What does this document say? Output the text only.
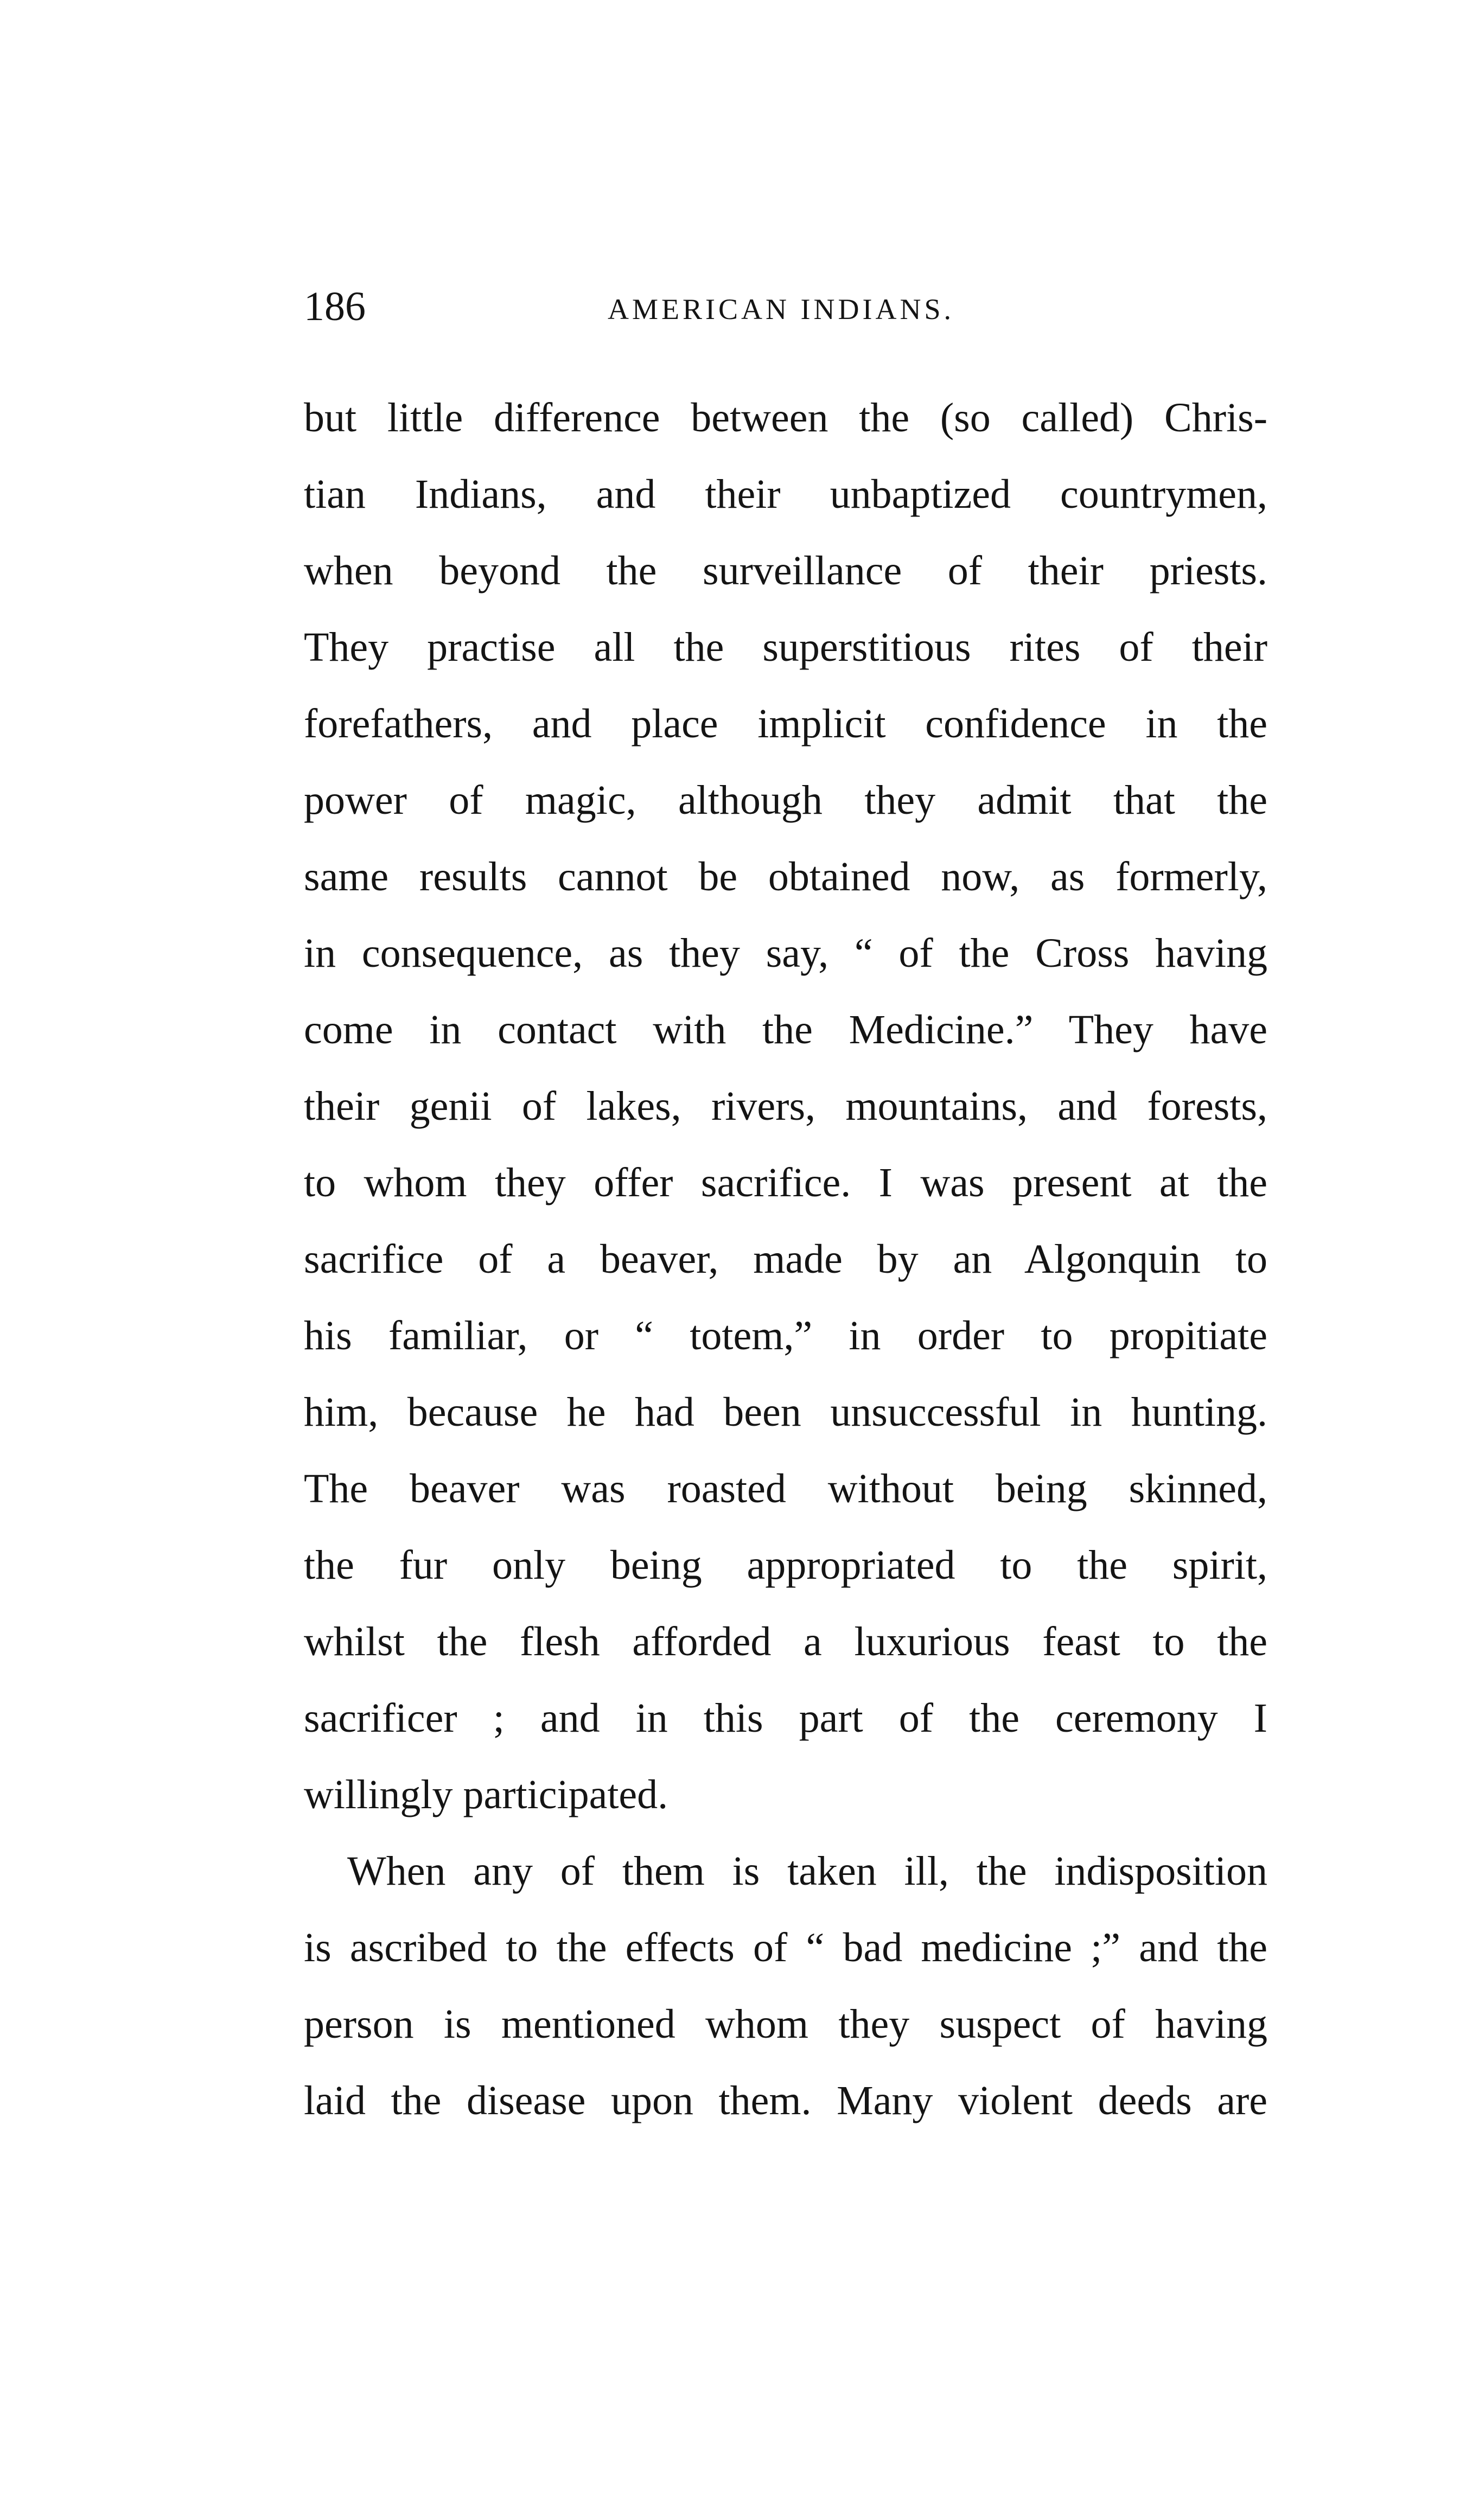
186	AMERICAN INDIANS.
but little difference between the (so called) Chris-
tian Indians, and their unbaptized countrymen,
when beyond the surveillance of their priests.
They practise all the superstitious rites of their
forefathers, and place implicit confidence in the
power of magic, although they admit that the
same results cannot be obtained now, as formerly,
in consequence, as they say, “ of the Cross having
come in contact with the Medicine.” They have
their genii of lakes, rivers, mountains, and forests,
to whom they offer sacrifice. I was present at the
sacrifice of a beaver, made by an Algonquin to
his familiar, or “ totem,” in order to propitiate
him, because he had been unsuccessful in hunting.
The beaver was roasted without being skinned,
the fur only being appropriated to the spirit,
whilst the flesh afforded a luxurious feast to the
sacrificer ; and in this part of the ceremony I
willingly participated.
When any of them is taken ill, the indisposition
is ascribed to the effects of “ bad medicine ;” and the
person is mentioned whom they suspect of having
laid the disease upon them. Many violent deeds are
